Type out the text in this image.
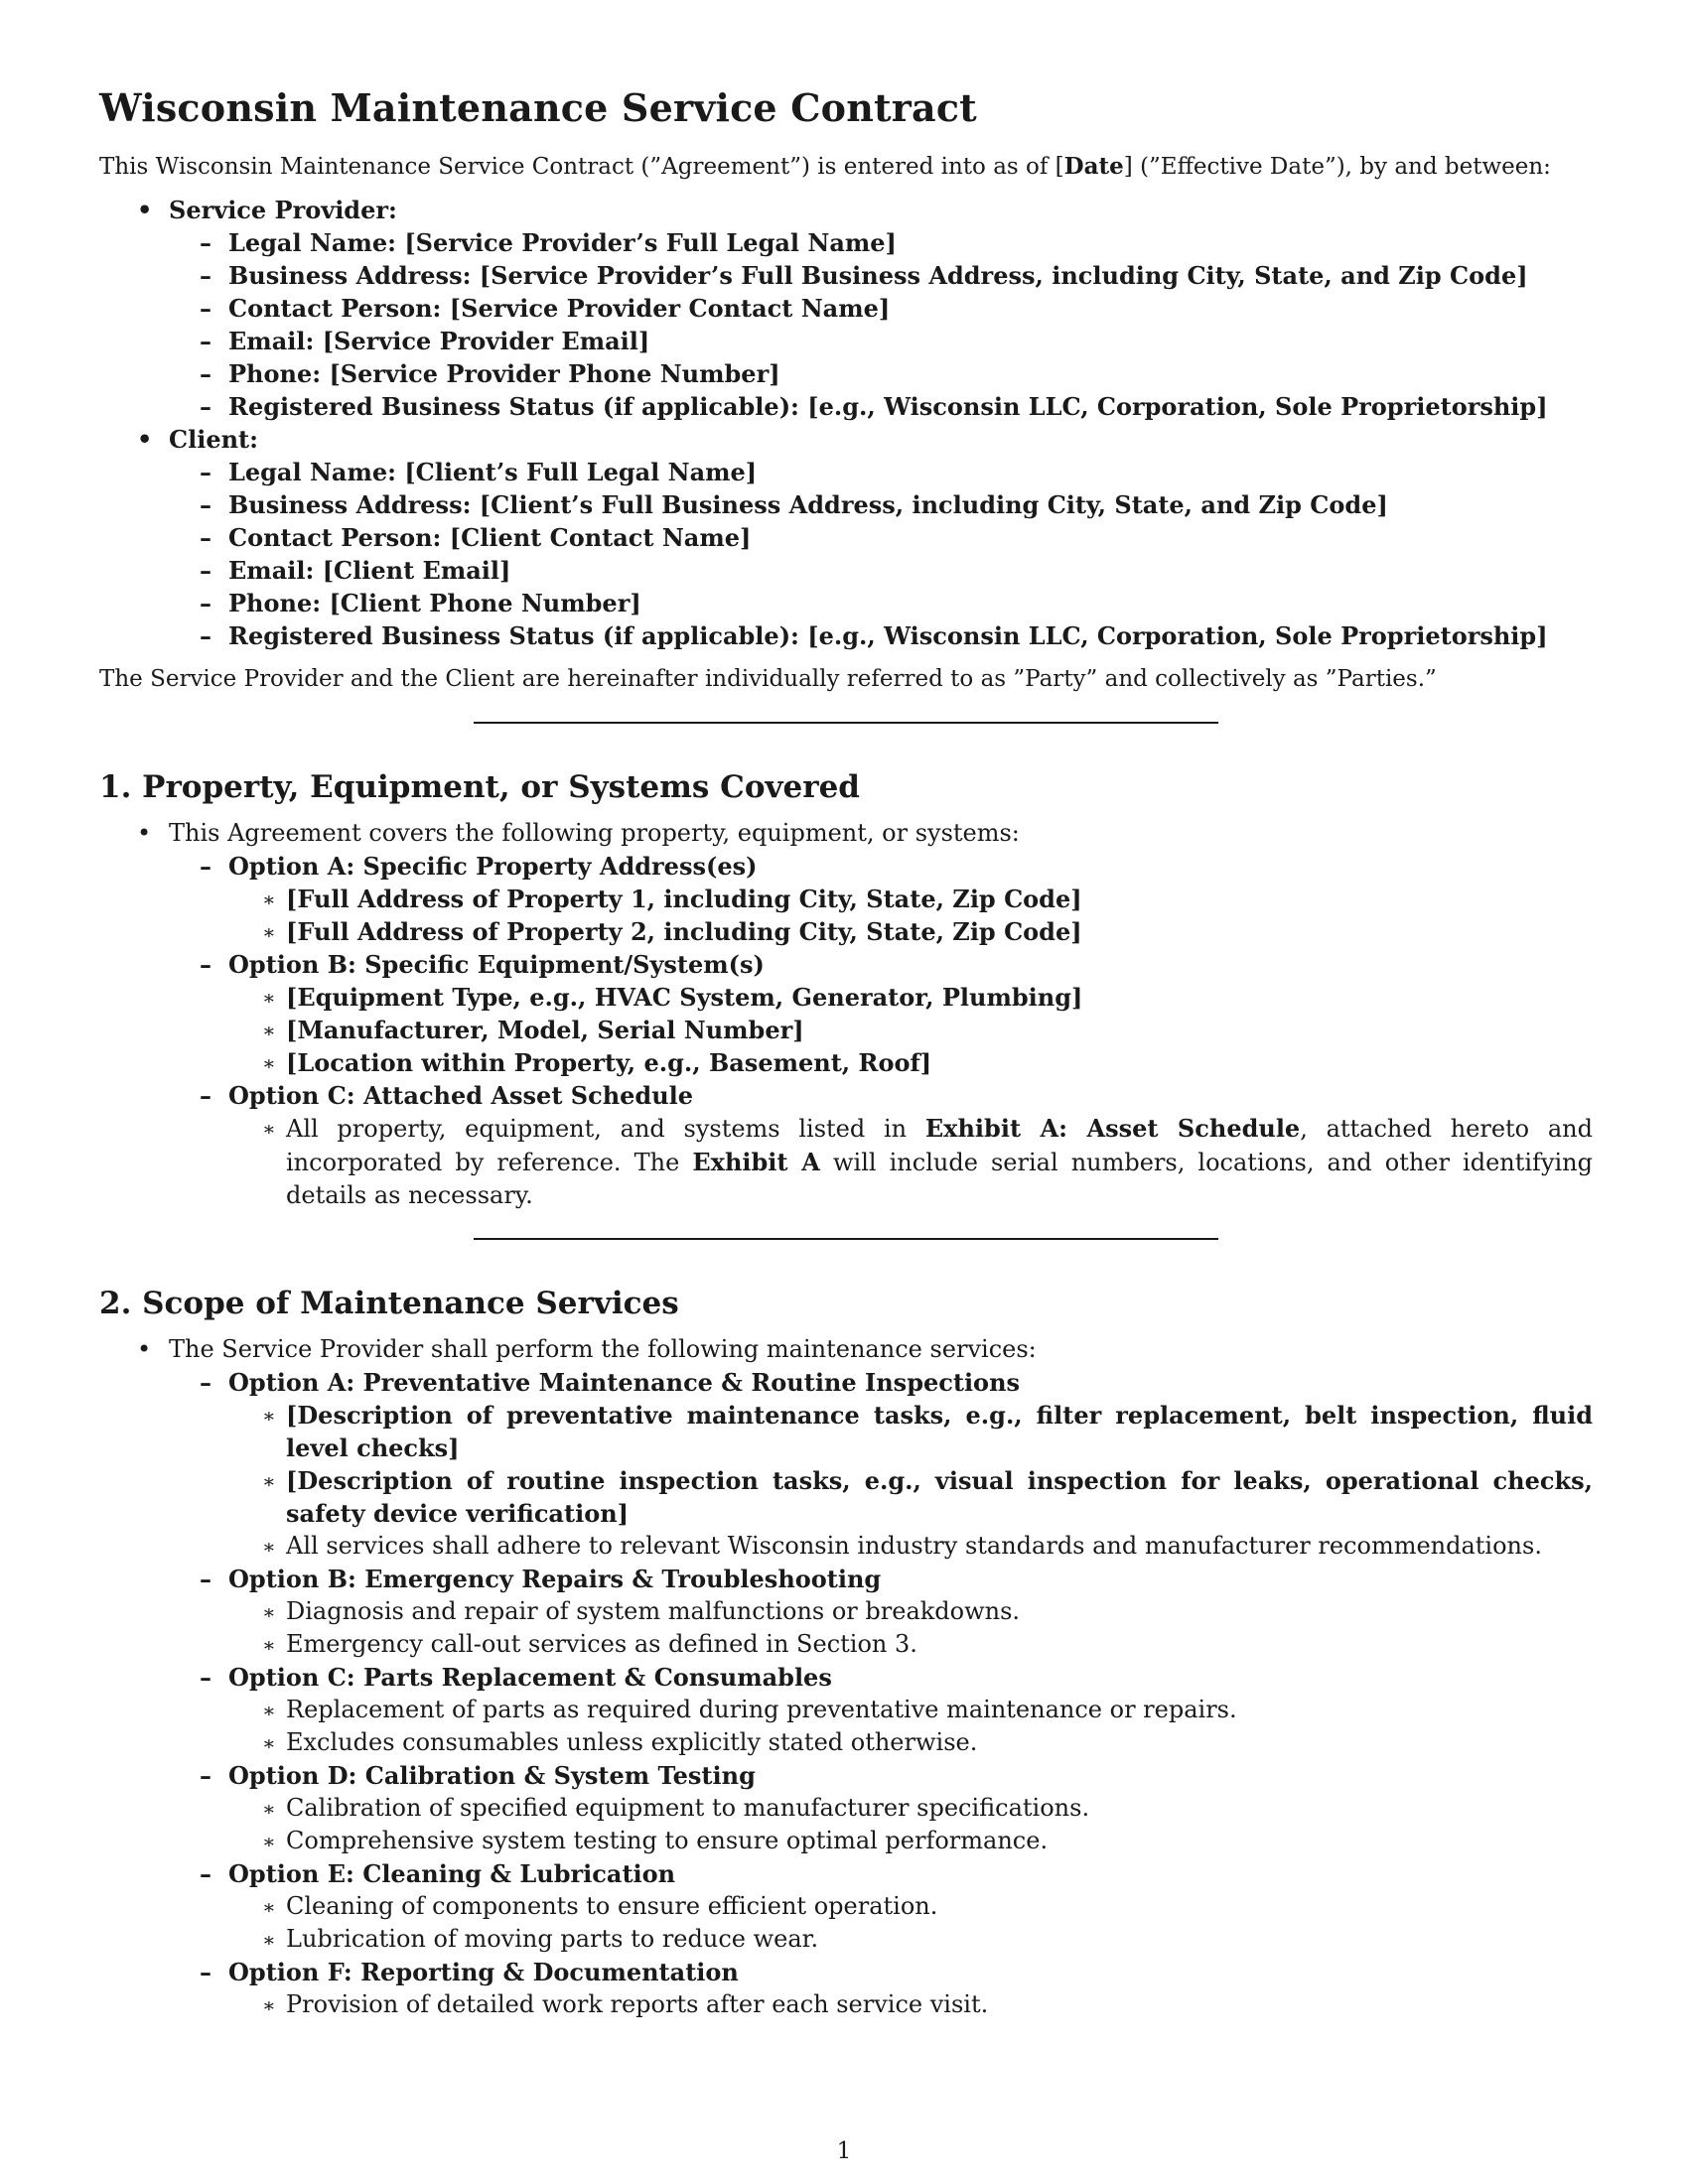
Wisconsin Maintenance Service Contract

This Wisconsin Maintenance Service Contract (”Agreement”) is entered into as of [Date] (”Effective Date”), by and between:

• Service Provider:
– Legal Name: [Service Provider’s Full Legal Name]
– Business Address: [Service Provider’s Full Business Address, including City, State, and Zip Code]
– Contact Person: [Service Provider Contact Name]
– Email: [Service Provider Email]
– Phone: [Service Provider Phone Number]
– Registered Business Status (if applicable): [e.g., Wisconsin LLC, Corporation, Sole Proprietorship]
• Client:
– Legal Name: [Client’s Full Legal Name]
– Business Address: [Client’s Full Business Address, including City, State, and Zip Code]
– Contact Person: [Client Contact Name]
– Email: [Client Email]
– Phone: [Client Phone Number]
– Registered Business Status (if applicable): [e.g., Wisconsin LLC, Corporation, Sole Proprietorship]

The Service Provider and the Client are hereinafter individually referred to as ”Party” and collectively as ”Parties.”

1. Property, Equipment, or Systems Covered
• This Agreement covers the following property, equipment, or systems:
– Option A: Specific Property Address(es)
∗ [Full Address of Property 1, including City, State, Zip Code]
∗ [Full Address of Property 2, including City, State, Zip Code]
– Option B: Specific Equipment/System(s)
∗ [Equipment Type, e.g., HVAC System, Generator, Plumbing]
∗ [Manufacturer, Model, Serial Number]
∗ [Location within Property, e.g., Basement, Roof]
– Option C: Attached Asset Schedule
∗ All property, equipment, and systems listed in Exhibit A: Asset Schedule, attached hereto and incorporated by reference. The Exhibit A will include serial numbers, locations, and other identifying details as necessary.
2. Scope of Maintenance Services
• The Service Provider shall perform the following maintenance services:
– Option A: Preventative Maintenance & Routine Inspections
∗ [Description of preventative maintenance tasks, e.g., filter replacement, belt inspection, fluid level checks]
∗ [Description of routine inspection tasks, e.g., visual inspection for leaks, operational checks, safety device verification]
∗ All services shall adhere to relevant Wisconsin industry standards and manufacturer recommendations.
– Option B: Emergency Repairs & Troubleshooting
∗ Diagnosis and repair of system malfunctions or breakdowns.
∗ Emergency call-out services as defined in Section 3.
– Option C: Parts Replacement & Consumables
∗ Replacement of parts as required during preventative maintenance or repairs.
∗ Excludes consumables unless explicitly stated otherwise.
– Option D: Calibration & System Testing
∗ Calibration of specified equipment to manufacturer specifications.
∗ Comprehensive system testing to ensure optimal performance.
– Option E: Cleaning & Lubrication
∗ Cleaning of components to ensure efficient operation.
∗ Lubrication of moving parts to reduce wear.
– Option F: Reporting & Documentation
∗ Provision of detailed work reports after each service visit.
1
